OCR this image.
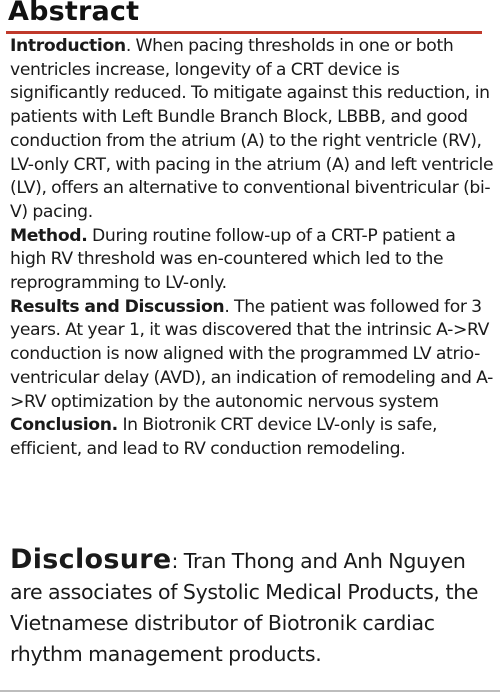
Abstract

Introduction. When pacing thresholds in one or both ventricles increase, longevity of a CRT device is significantly reduced. To mitigate against this reduction, in patients with Left Bundle Branch Block, LBBB, and good conduction from the atrium (A) to the right ventricle (RV), LV-only CRT, with pacing in the atrium (A) and left ventricle (LV), offers an alternative to conventional biventricular (bi-V) pacing.

Method. During routine follow-up of a CRT-P patient a high RV threshold was en-countered which led to the reprogramming to LV-only.

Results and Discussion. The patient was followed for 3 years. At year 1, it was discovered that the intrinsic A->RV conduction is now aligned with the programmed LV atrio-ventricular delay (AVD), an indication of remodeling and A->RV optimization by the autonomic nervous system

Conclusion. In Biotronik CRT device LV-only is safe, efficient, and lead to RV conduction remodeling.

Disclosure: Tran Thong and Anh Nguyen are associates of Systolic Medical Products, the Vietnamese distributor of Biotronik cardiac rhythm management products.
